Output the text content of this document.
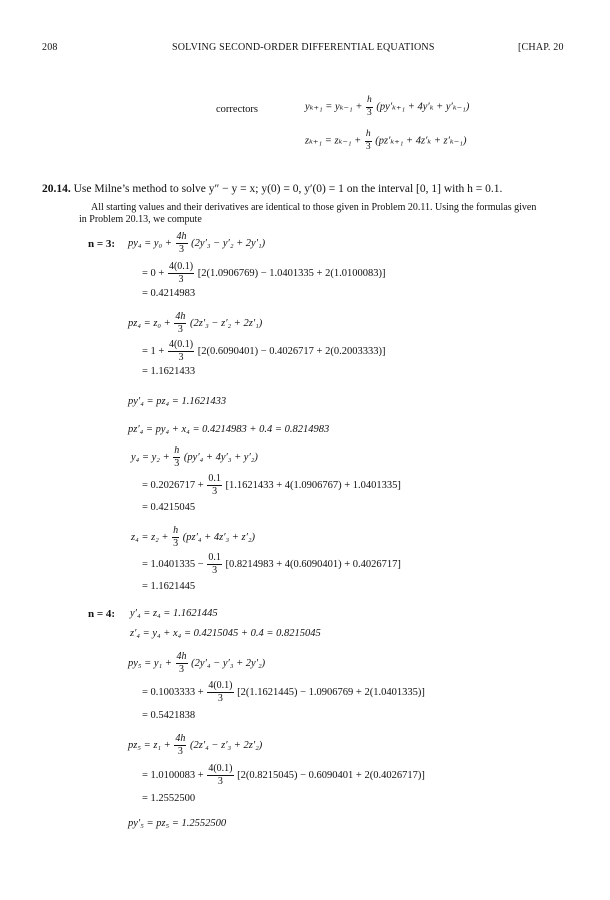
208	SOLVING SECOND-ORDER DIFFERENTIAL EQUATIONS	[CHAP. 20
correctors	$y_{k+1} = y_{k-1} + \frac{h}{3} (py'_{k+1} + 4y'_k + y'_{k-1})$
$z_{k+1} = z_{k-1} + \frac{h}{3} (pz'_{k+1} + 4z'_k + z'_{k-1})$
20.14. Use Milne’s method to solve y″ − y = x; y(0) = 0, y′(0) = 1 on the interval [0, 1] with h = 0.1.
All starting values and their derivatives are identical to those given in Problem 20.11. Using the formulas given
in Problem 20.13, we compute
n = 3: $py_4 = y_0 + \frac{4h}{3} (2y'_3 - y'_2 + 2y'_1)$
= $0 + \frac{4(0.1)}{3} [2(1.0906769) - 1.0401335 + 2(1.0100083)]$
= 0.4214983
$pz_4 = z_0 + \frac{4h}{3} (2z'_3 - z'_2 + 2z'_1)$
= $1 + \frac{4(0.1)}{3} [2(0.6090401) - 0.4026717 + 2(0.2003333)]$
= 1.1621433
py′₄ = pz₄ = 1.1621433
pz′₄ = py₄ + x₄ = 0.4214983 + 0.4 = 0.8214983
$y_4 = y_2 + \frac{h}{3} (py'_4 + 4y'_3 + y'_2)$
= $0.2026717 + \frac{0.1}{3} [1.1621433 + 4(1.0906767) + 1.0401335]$
= 0.4215045
$z_4 = z_2 + \frac{h}{3} (pz'_4 + 4z'_3 + z'_2)$
= $1.0401335 - \frac{0.1}{3} [0.8214983 + 4(0.6090401) + 0.4026717]$
= 1.1621445
n = 4: y′₄ = z₄ = 1.1621445
z′₄ = y₄ + x₄ = 0.4215045 + 0.4 = 0.8215045
$py_5 = y_1 + \frac{4h}{3} (2y'_4 - y'_3 + 2y'_2)$
= $0.1003333 + \frac{4(0.1)}{3} [2(1.1621445) - 1.0906769 + 2(1.0401335)]$
= 0.5421838
$pz_5 = z_1 + \frac{4h}{3} (2z'_4 - z'_3 + 2z'_2)$
= $1.0100083 + \frac{4(0.1)}{3} [2(0.8215045) - 0.6090401 + 2(0.4026717)]$
= 1.2552500
py′₅ = pz₅ = 1.2552500
